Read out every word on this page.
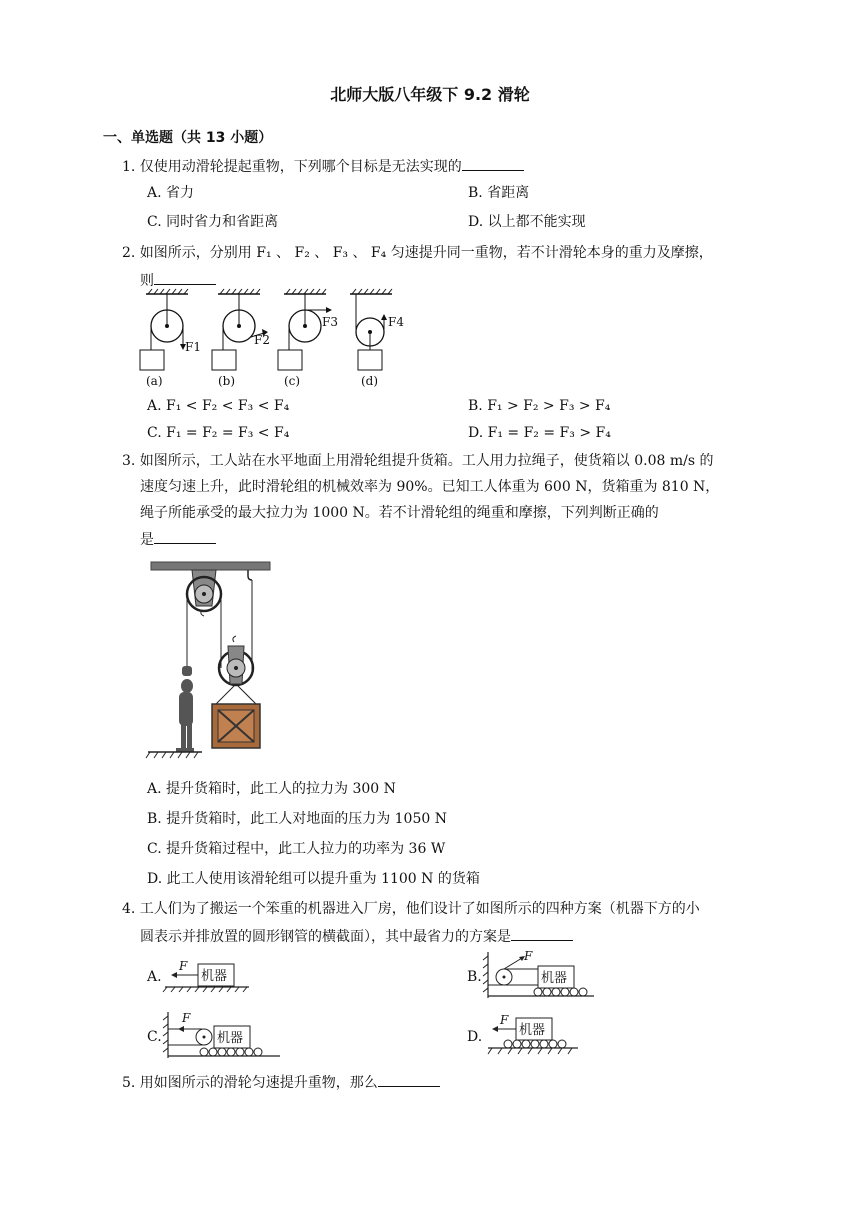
北师大版八年级下 9.2 滑轮
一、单选题（共 13 小题）
1. 仅使用动滑轮提起重物，下列哪个目标是无法实现的
A. 省力	B. 省距离
C. 同时省力和省距离	D. 以上都不能实现
2. 如图所示，分别用 F₁ 、 F₂ 、 F₃ 、 F₄ 匀速提升同一重物，若不计滑轮本身的重力及摩擦，
则
F1
(a)
F2
(b)
F3
(c)
F4
(d)
A. F₁ < F₂ < F₃ < F₄	B. F₁ > F₂ > F₃ > F₄
C. F₁ = F₂ = F₃ < F₄	D. F₁ = F₂ = F₃ > F₄
3. 如图所示，工人站在水平地面上用滑轮组提升货箱。工人用力拉绳子，使货箱以 0.08 m/s 的
速度匀速上升，此时滑轮组的机械效率为 90%。已知工人体重为 600 N，货箱重为 810 N，
绳子所能承受的最大拉力为 1000 N。若不计滑轮组的绳重和摩擦，下列判断正确的
是
A. 提升货箱时，此工人的拉力为 300 N
B. 提升货箱时，此工人对地面的压力为 1050 N
C. 提升货箱过程中，此工人拉力的功率为 36 W
D. 此工人使用该滑轮组可以提升重为 1100 N 的货箱
4. 工人们为了搬运一个笨重的机器进入厂房，他们设计了如图所示的四种方案（机器下方的小
圆表示并排放置的圆形钢管的横截面），其中最省力的方案是
A.	机器
F
B.
F
机器
C.
F
机器	D.	机器
F
5. 用如图所示的滑轮匀速提升重物，那么
